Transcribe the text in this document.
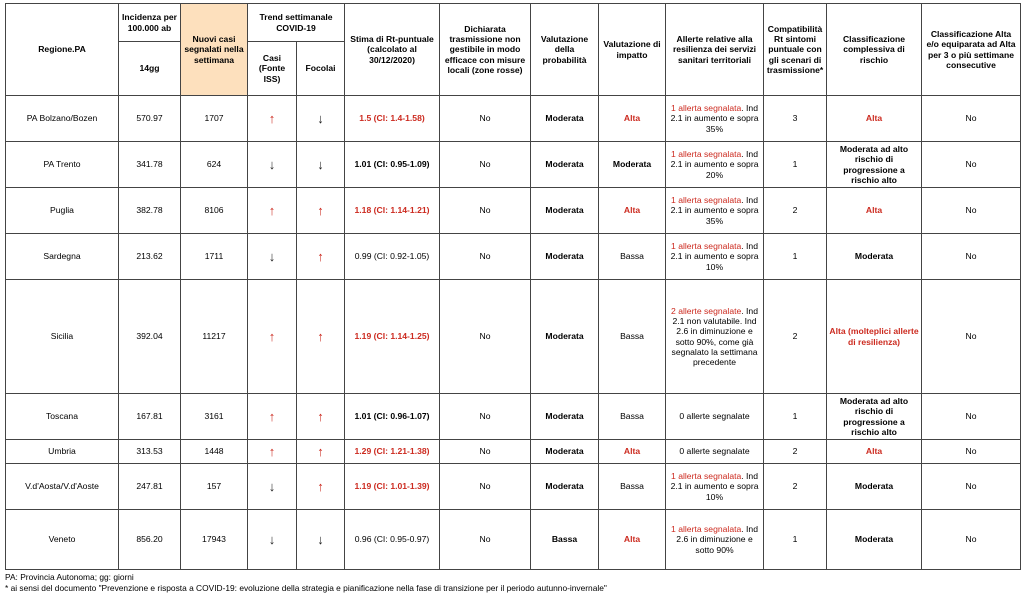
Regione.PA	Incidenza per 100.000 ab	Nuovi casi segnalati nella settimana	Trend settimanale COVID-19		Stima di Rt-puntuale (calcolato al 30/12/2020)	Dichiarata trasmissione non gestibile in modo efficace con misure locali (zone rosse)	Valutazione della probabilità	Valutazione di impatto	Allerte relative alla resilienza dei servizi sanitari territoriali	Compatibilità Rt sintomi puntuale con gli scenari di trasmissione*	Classificazione complessiva di rischio	Classificazione Alta e/o equiparata ad Alta per 3 o più settimane consecutive
	14gg		Casi (Fonte ISS)	Focolai								
PA Bolzano/Bozen	570.97	1707	↑	↓	1.5 (CI: 1.4-1.58)	No	Moderata	Alta	1 allerta segnalata. Ind 2.1 in aumento e sopra 35%	3	Alta	No
PA Trento	341.78	624	↓	↓	1.01 (CI: 0.95-1.09)	No	Moderata	Moderata	1 allerta segnalata. Ind 2.1 in aumento e sopra 20%	1	Moderata ad alto rischio di progressione a rischio alto	No
Puglia	382.78	8106	↑	↑	1.18 (CI: 1.14-1.21)	No	Moderata	Alta	1 allerta segnalata. Ind 2.1 in aumento e sopra 35%	2	Alta	No
Sardegna	213.62	1711	↓	↑	0.99 (CI: 0.92-1.05)	No	Moderata	Bassa	1 allerta segnalata. Ind 2.1 in aumento e sopra 10%	1	Moderata	No
Sicilia	392.04	11217	↑	↑	1.19 (CI: 1.14-1.25)	No	Moderata	Bassa	2 allerte segnalate. Ind 2.1 non valutabile. Ind 2.6 in diminuzione e sotto 90%, come già segnalato la settimana precedente	2	Alta (molteplici allerte di resilienza)	No
Toscana	167.81	3161	↑	↑	1.01 (CI: 0.96-1.07)	No	Moderata	Bassa	0 allerte segnalate	1	Moderata ad alto rischio di progressione a rischio alto	No
Umbria	313.53	1448	↑	↑	1.29 (CI: 1.21-1.38)	No	Moderata	Alta	0 allerte segnalate	2	Alta	No
V.d'Aosta/V.d'Aoste	247.81	157	↓	↑	1.19 (CI: 1.01-1.39)	No	Moderata	Bassa	1 allerta segnalata. Ind 2.1 in aumento e sopra 10%	2	Moderata	No
Veneto	856.20	17943	↓	↓	0.96 (CI: 0.95-0.97)	No	Bassa	Alta	1 allerta segnalata. Ind 2.6 in diminuzione e sotto 90%	1	Moderata	No
PA: Provincia Autonoma; gg: giorni
* ai sensi del documento "Prevenzione e risposta a COVID-19: evoluzione della strategia e pianificazione nella fase di transizione per il periodo autunno-invernale"
